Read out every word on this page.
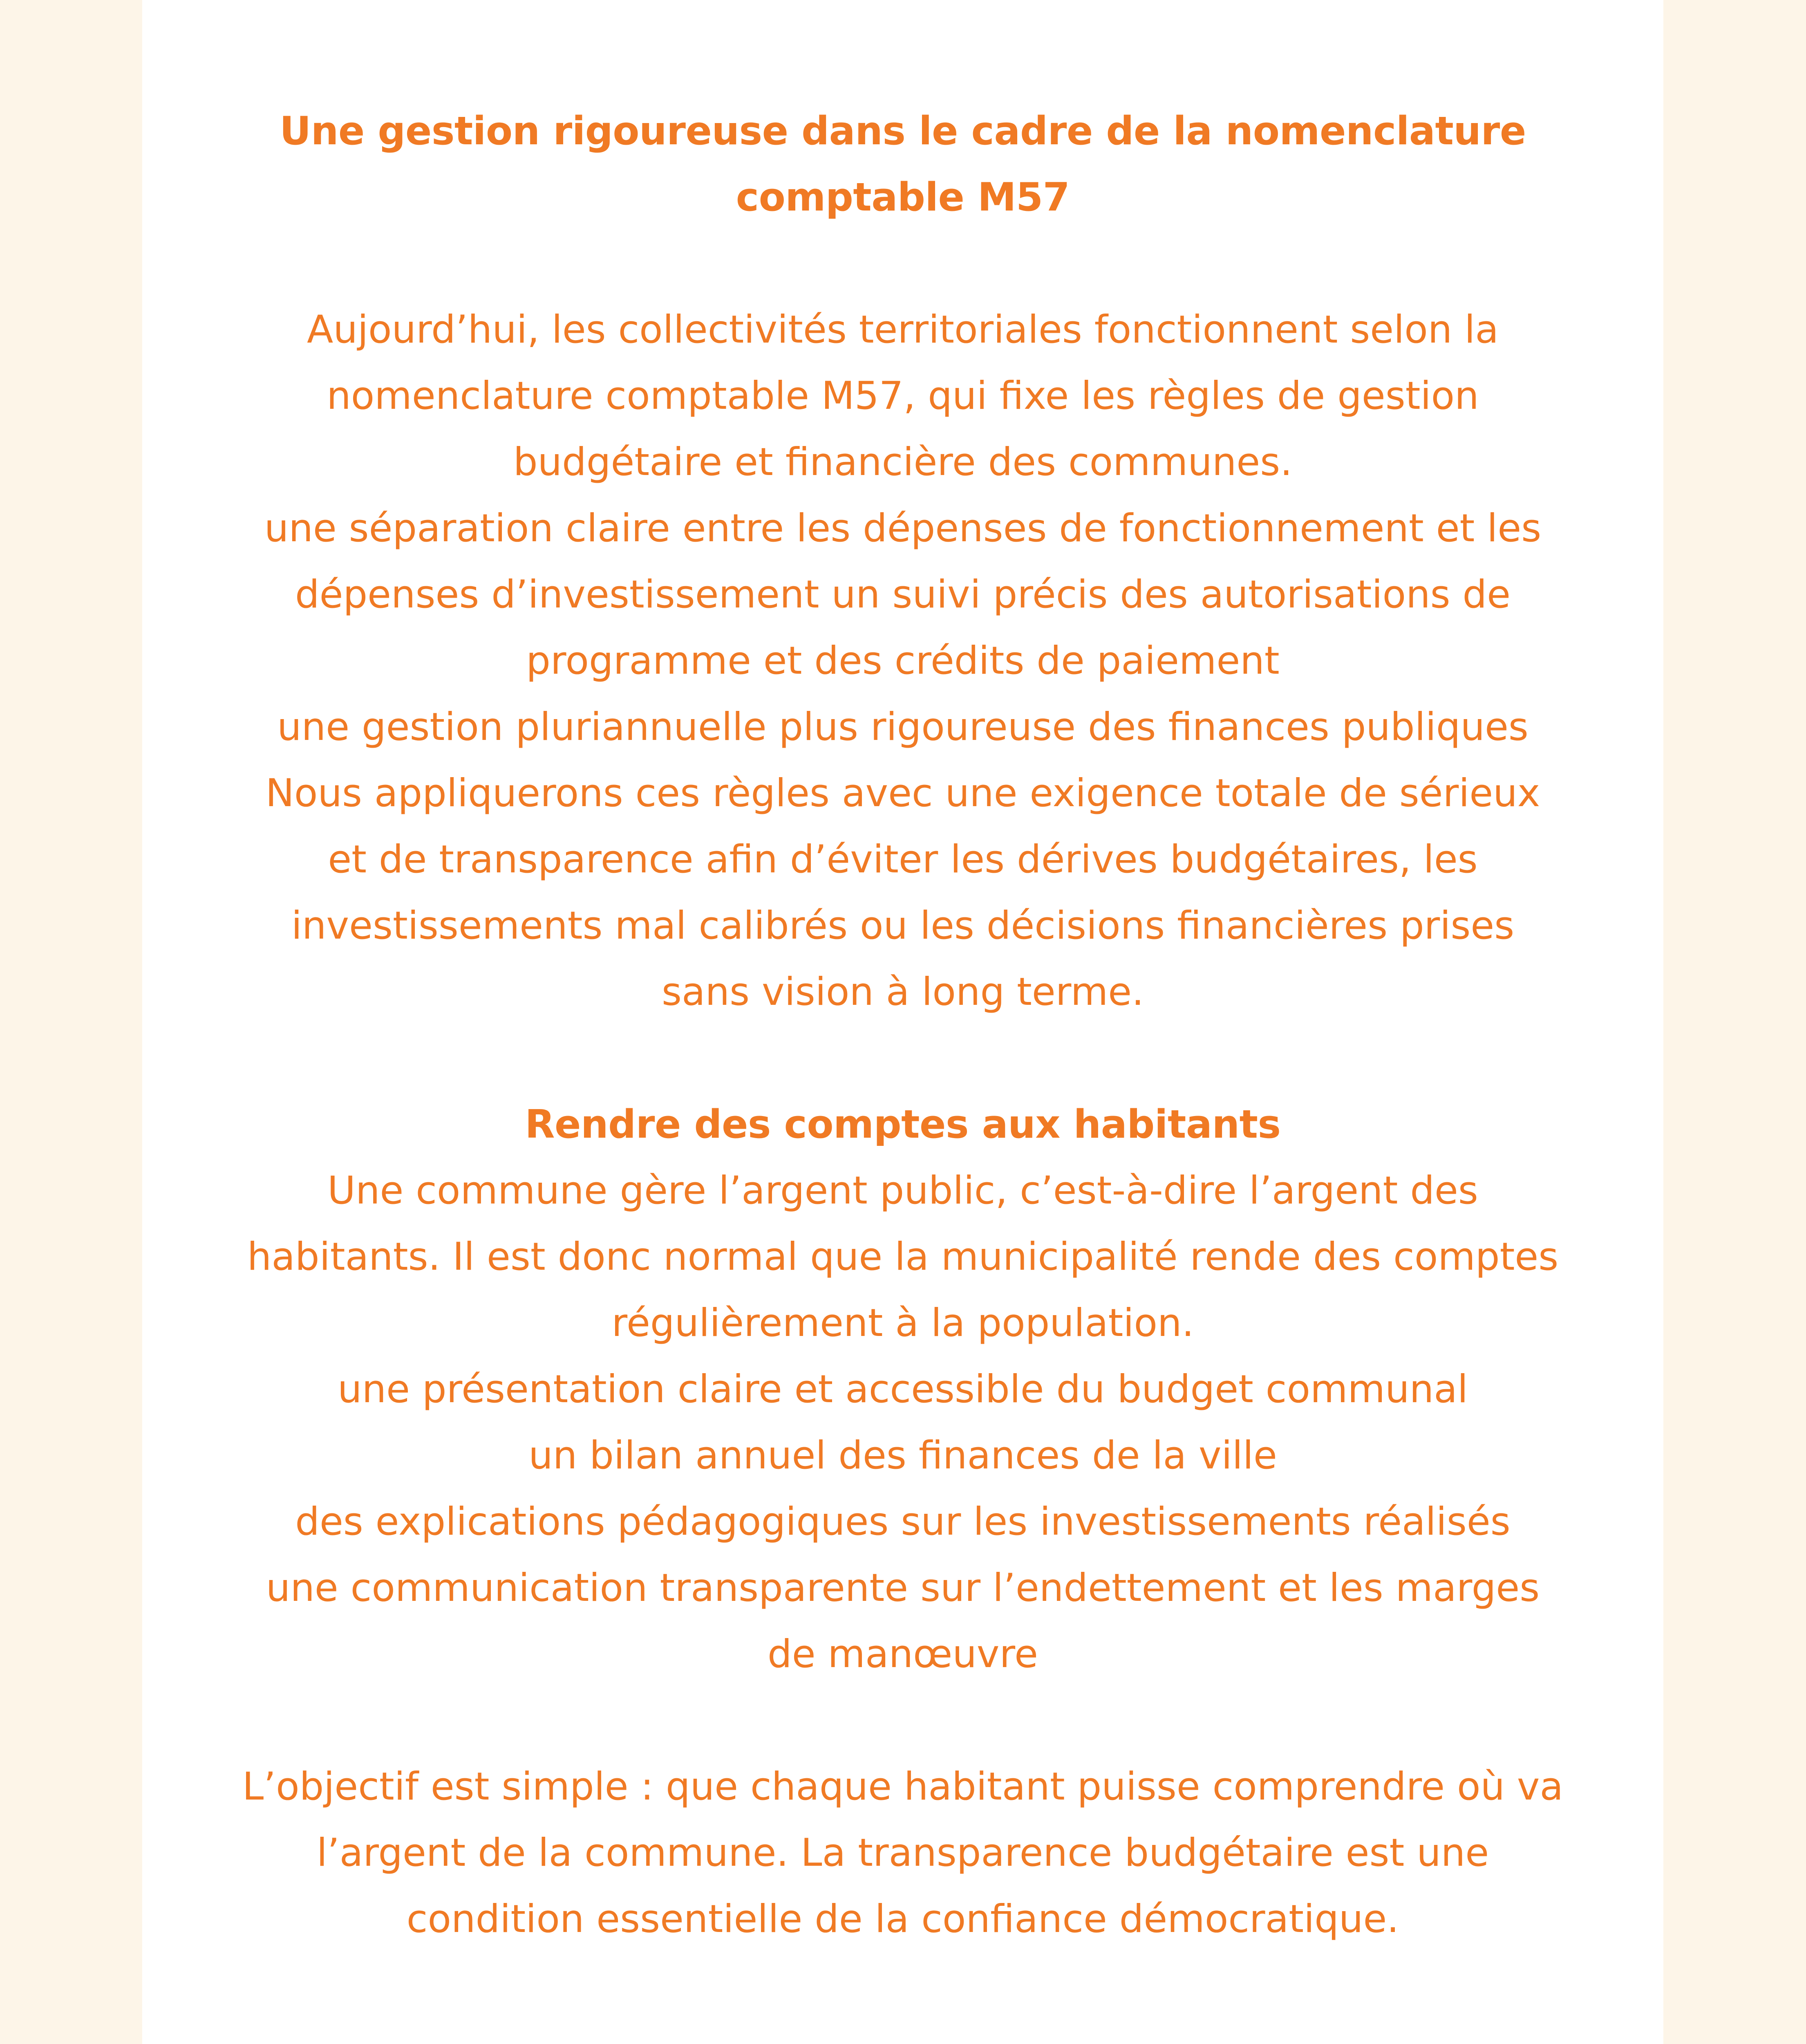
Une gestion rigoureuse dans le cadre de la nomenclature
comptable M57
Aujourd’hui, les collectivités territoriales fonctionnent selon la
nomenclature comptable M57, qui fixe les règles de gestion
budgétaire et financière des communes.
une séparation claire entre les dépenses de fonctionnement et les
dépenses d’investissement un suivi précis des autorisations de
programme et des crédits de paiement
une gestion pluriannuelle plus rigoureuse des finances publiques
Nous appliquerons ces règles avec une exigence totale de sérieux
et de transparence afin d’éviter les dérives budgétaires, les
investissements mal calibrés ou les décisions financières prises
sans vision à long terme.
Rendre des comptes aux habitants
Une commune gère l’argent public, c’est-à-dire l’argent des
habitants. Il est donc normal que la municipalité rende des comptes
régulièrement à la population.
une présentation claire et accessible du budget communal
un bilan annuel des finances de la ville
des explications pédagogiques sur les investissements réalisés
une communication transparente sur l’endettement et les marges
de manœuvre
L’objectif est simple : que chaque habitant puisse comprendre où va
l’argent de la commune. La transparence budgétaire est une
condition essentielle de la confiance démocratique.
